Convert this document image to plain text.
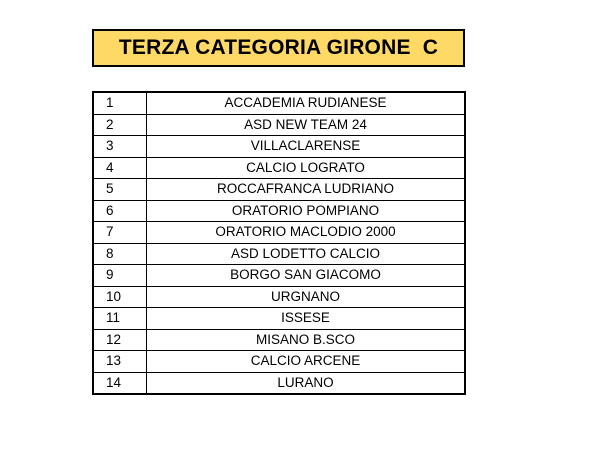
TERZA CATEGORIA GIRONE  C
1	ACCADEMIA RUDIANESE
2	ASD NEW TEAM 24
3	VILLACLARENSE
4	CALCIO LOGRATO
5	ROCCAFRANCA LUDRIANO
6	ORATORIO POMPIANO
7	ORATORIO MACLODIO 2000
8	ASD LODETTO CALCIO
9	BORGO SAN GIACOMO
10	URGNANO
11	ISSESE
12	MISANO B.SCO
13	CALCIO ARCENE
14	LURANO
